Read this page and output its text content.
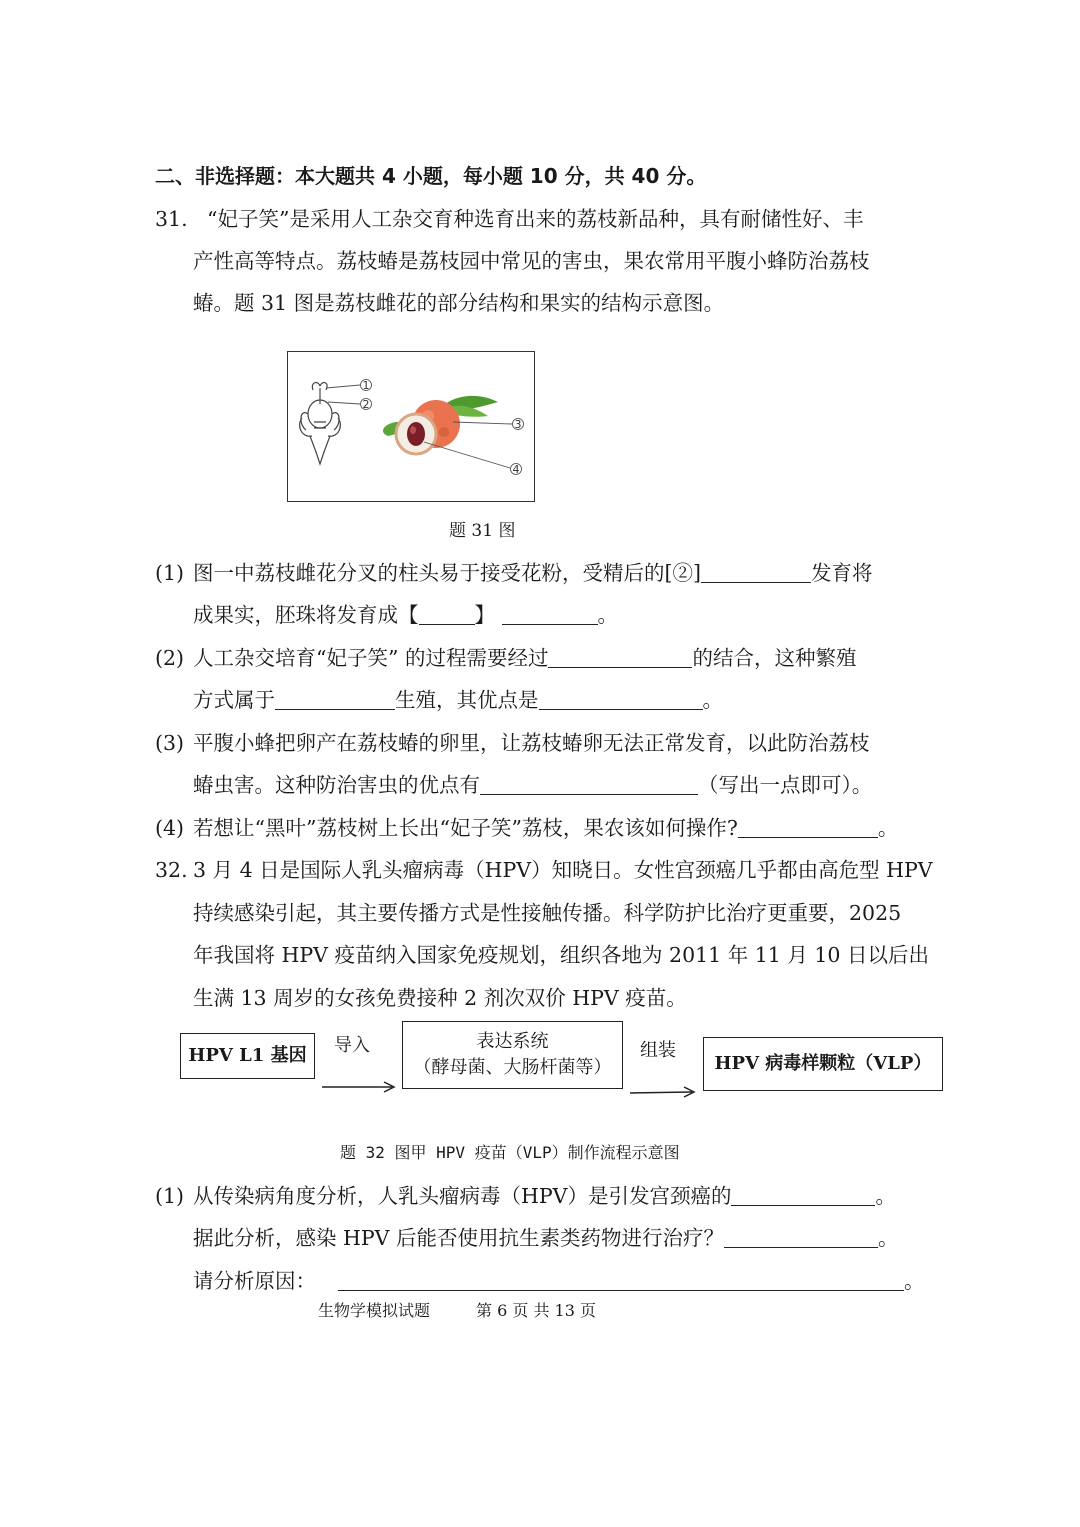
二、非选择题：本大题共 4 小题，每小题 10 分，共 40 分。
31. “妃子笑”是采用人工杂交育种选育出来的荔枝新品种，具有耐储性好、丰
产性高等特点。荔枝蝽是荔枝园中常见的害虫，果农常用平腹小蜂防治荔枝
蝽。题 31 图是荔枝雌花的部分结构和果实的结构示意图。
1
2
3
4
题 31 图
(1) 图一中荔枝雌花分叉的柱头易于接受花粉，受精后的[②]	发育将
成果实，胚珠将发育成【	】	。
(2) 人工杂交培育“妃子笑” 的过程需要经过	的结合，这种繁殖
方式属于	生殖，其优点是	。
(3) 平腹小蜂把卵产在荔枝蝽的卵里，让荔枝蝽卵无法正常发育，以此防治荔枝
蝽虫害。这种防治害虫的优点有	（写出一点即可）。
(4) 若想让“黑叶”荔枝树上长出“妃子笑”荔枝，果农该如何操作?	。
32. 3 月 4 日是国际人乳头瘤病毒（HPV）知晓日。女性宫颈癌几乎都由高危型 HPV
持续感染引起，其主要传播方式是性接触传播。科学防护比治疗更重要，2025
年我国将 HPV 疫苗纳入国家免疫规划，组织各地为 2011 年 11 月 10 日以后出
生满 13 周岁的女孩免费接种 2 剂次双价 HPV 疫苗。
HPV L1 基因 导入	表达系统
（酵母菌、大肠杆菌等）
组装
HPV 病毒样颗粒（VLP）
题 32 图甲 HPV 疫苗（VLP）制作流程示意图
(1) 从传染病角度分析，人乳头瘤病毒（HPV）是引发宫颈癌的	。
据此分析，感染 HPV 后能否使用抗生素类药物进行治疗？	。
请分析原因：	。
生物学模拟试题	第 6 页 共 13 页
